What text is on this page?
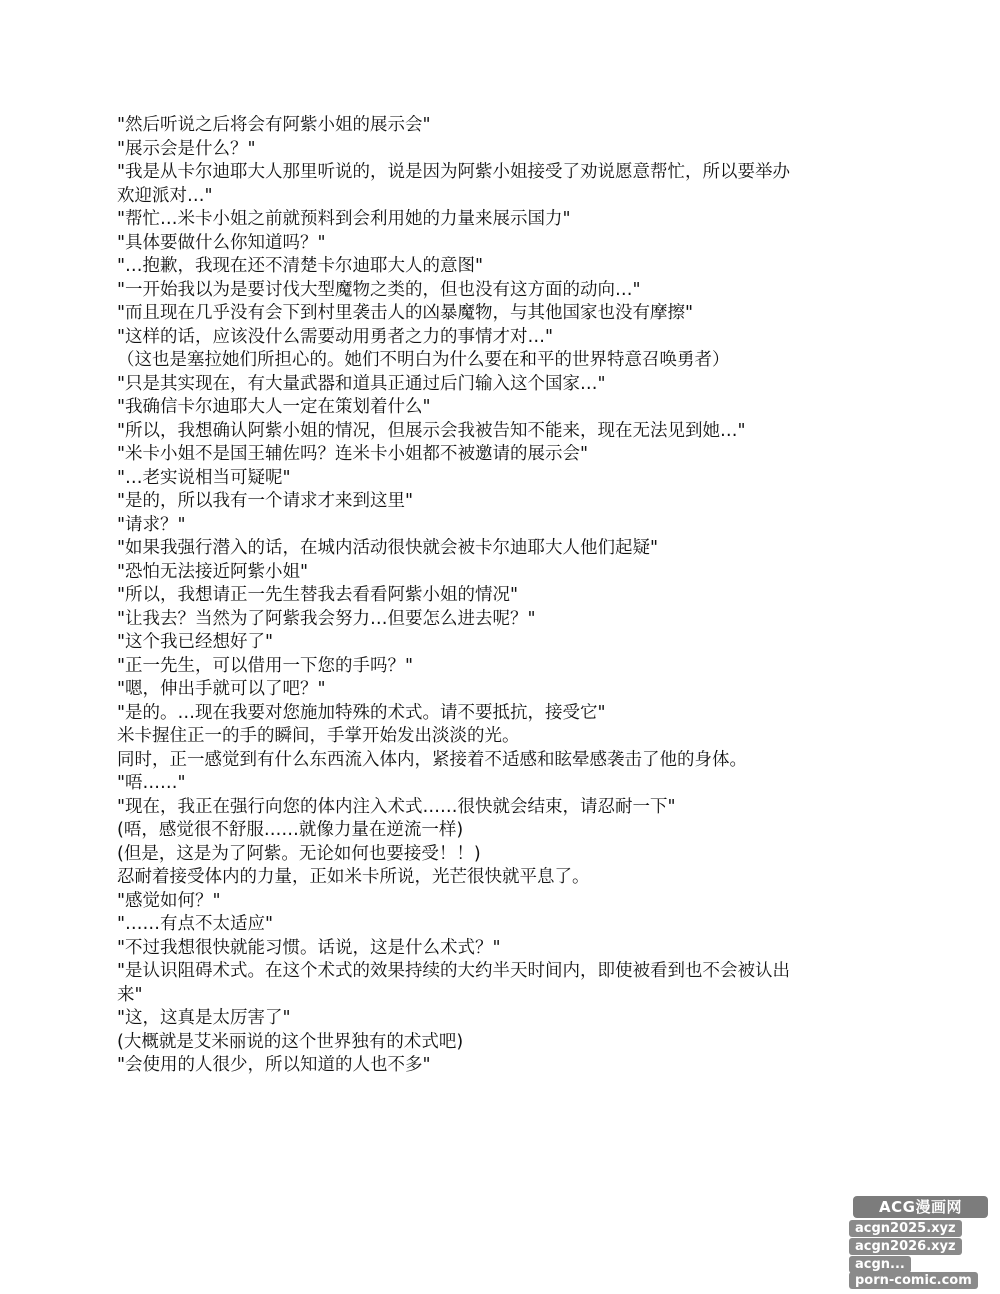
"然后听说之后将会有阿紫小姐的展示会"

"展示会是什么？"

"我是从卡尔迪耶大人那里听说的，说是因为阿紫小姐接受了劝说愿意帮忙，所以要举办

欢迎派对…"

"帮忙…米卡小姐之前就预料到会利用她的力量来展示国力"

"具体要做什么你知道吗？"

"…抱歉，我现在还不清楚卡尔迪耶大人的意图"

"一开始我以为是要讨伐大型魔物之类的，但也没有这方面的动向…"

"而且现在几乎没有会下到村里袭击人的凶暴魔物，与其他国家也没有摩擦"

"这样的话，应该没什么需要动用勇者之力的事情才对…"

（这也是塞拉她们所担心的。她们不明白为什么要在和平的世界特意召唤勇者）

"只是其实现在，有大量武器和道具正通过后门输入这个国家…"

"我确信卡尔迪耶大人一定在策划着什么"

"所以，我想确认阿紫小姐的情况，但展示会我被告知不能来，现在无法见到她…"

"米卡小姐不是国王辅佐吗？连米卡小姐都不被邀请的展示会"

"…老实说相当可疑呢"

"是的，所以我有一个请求才来到这里"

"请求？"

"如果我强行潜入的话，在城内活动很快就会被卡尔迪耶大人他们起疑"

"恐怕无法接近阿紫小姐"

"所以，我想请正一先生替我去看看阿紫小姐的情况"

"让我去？当然为了阿紫我会努力…但要怎么进去呢？"

"这个我已经想好了"

"正一先生，可以借用一下您的手吗？"

"嗯，伸出手就可以了吧？"

"是的。…现在我要对您施加特殊的术式。请不要抵抗，接受它"

米卡握住正一的手的瞬间，手掌开始发出淡淡的光。

同时，正一感觉到有什么东西流入体内，紧接着不适感和眩晕感袭击了他的身体。

"唔……"

"现在，我正在强行向您的体内注入术式……很快就会结束，请忍耐一下"

(唔，感觉很不舒服……就像力量在逆流一样)

(但是，这是为了阿紫。无论如何也要接受！！)

忍耐着接受体内的力量，正如米卡所说，光芒很快就平息了。

"感觉如何？"

"……有点不太适应"

"不过我想很快就能习惯。话说，这是什么术式？"

"是认识阻碍术式。在这个术式的效果持续的大约半天时间内，即使被看到也不会被认出

来"

"这，这真是太厉害了"

(大概就是艾米丽说的这个世界独有的术式吧)

"会使用的人很少，所以知道的人也不多"

ACG漫画网
acgn2025.xyz
acgn2026.xyz
acgn...
porn-comic.com
